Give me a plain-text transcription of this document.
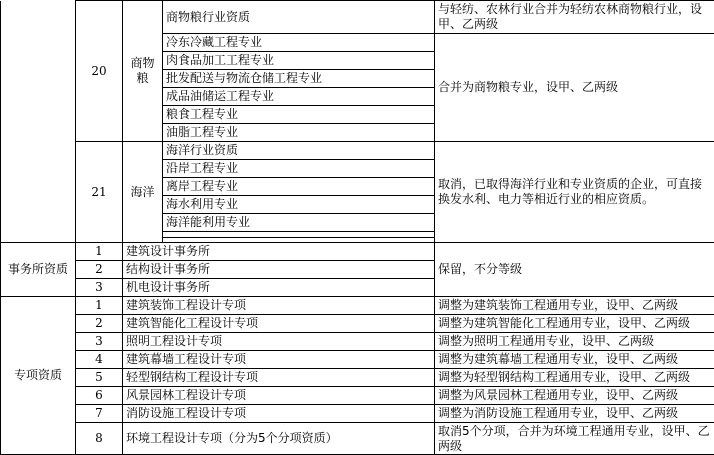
	20	商物粮	商物粮行业资质	与轻纺、农林行业合并为轻纺农林商物粮行业，设甲、乙两级
			冷东冷藏工程专业	合并为商物粮专业，设甲、乙两级
			肉食品加工工程专业	
			批发配送与物流仓储工程专业	
			成品油储运工程专业	
			粮食工程专业	
			油脂工程专业	
	21	海洋	海洋行业资质	取消，已取得海洋行业和专业资质的企业，可直接换发水利、电力等相近行业的相应资质。
			沿岸工程专业	
			离岸工程专业	
			海水利用专业	
			海洋能利用专业	

事务所资质	1	建筑设计事务所		保留，不分等级
	2	结构设计事务所		
	3	机电设计事务所		
专项资质	1	建筑装饰工程设计专项		调整为建筑装饰工程通用专业，设甲、乙两级
	2	建筑智能化工程设计专项		调整为建筑智能化工程通用专业，设甲、乙两级
	3	照明工程设计专项		调整为照明工程通用专业，设甲、乙两级
	4	建筑幕墙工程设计专项		调整为建筑幕墙工程通用专业，设甲、乙两级
	5	轻型钢结构工程设计专项		调整为轻型钢结构工程通用专业，设甲、乙两级
	6	风景园林工程设计专项		调整为风景园林工程通用专业，设甲、乙两级
	7	消防设施工程设计专项		调整为消防设施工程通用专业，设甲、乙两级
	8	环境工程设计专项（分为5个分项资质）		取消5个分项，合并为环境工程通用专业，设甲、乙两级
